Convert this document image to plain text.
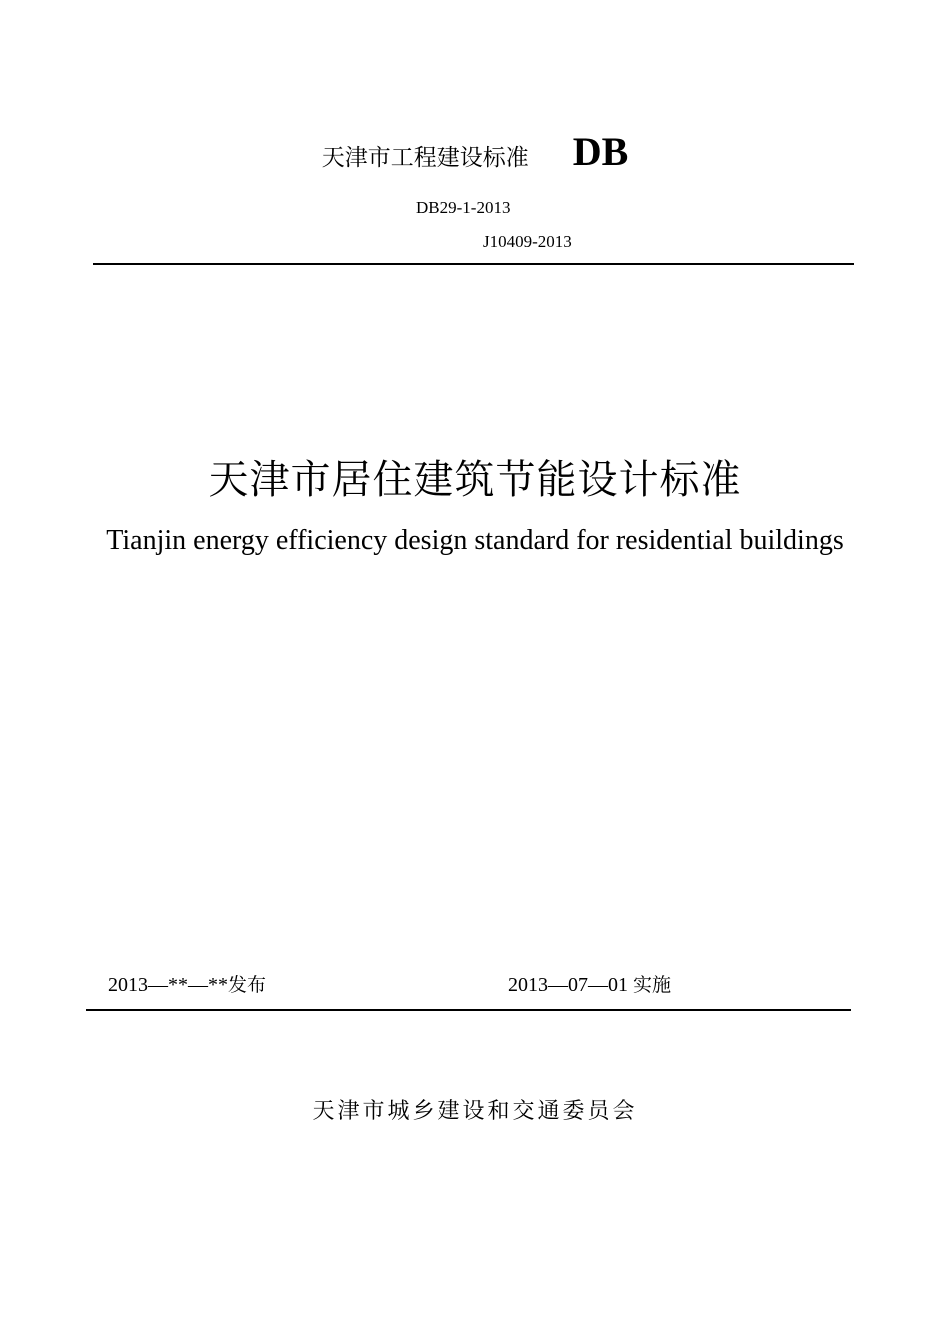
天津市工程建设标准 DB
DB29-1-2013
J10409-2013
天津市居住建筑节能设计标准
Tianjin energy efficiency design standard for residential buildings
2013—**—**发布	2013—07—01 实施
天津市城乡建设和交通委员会
